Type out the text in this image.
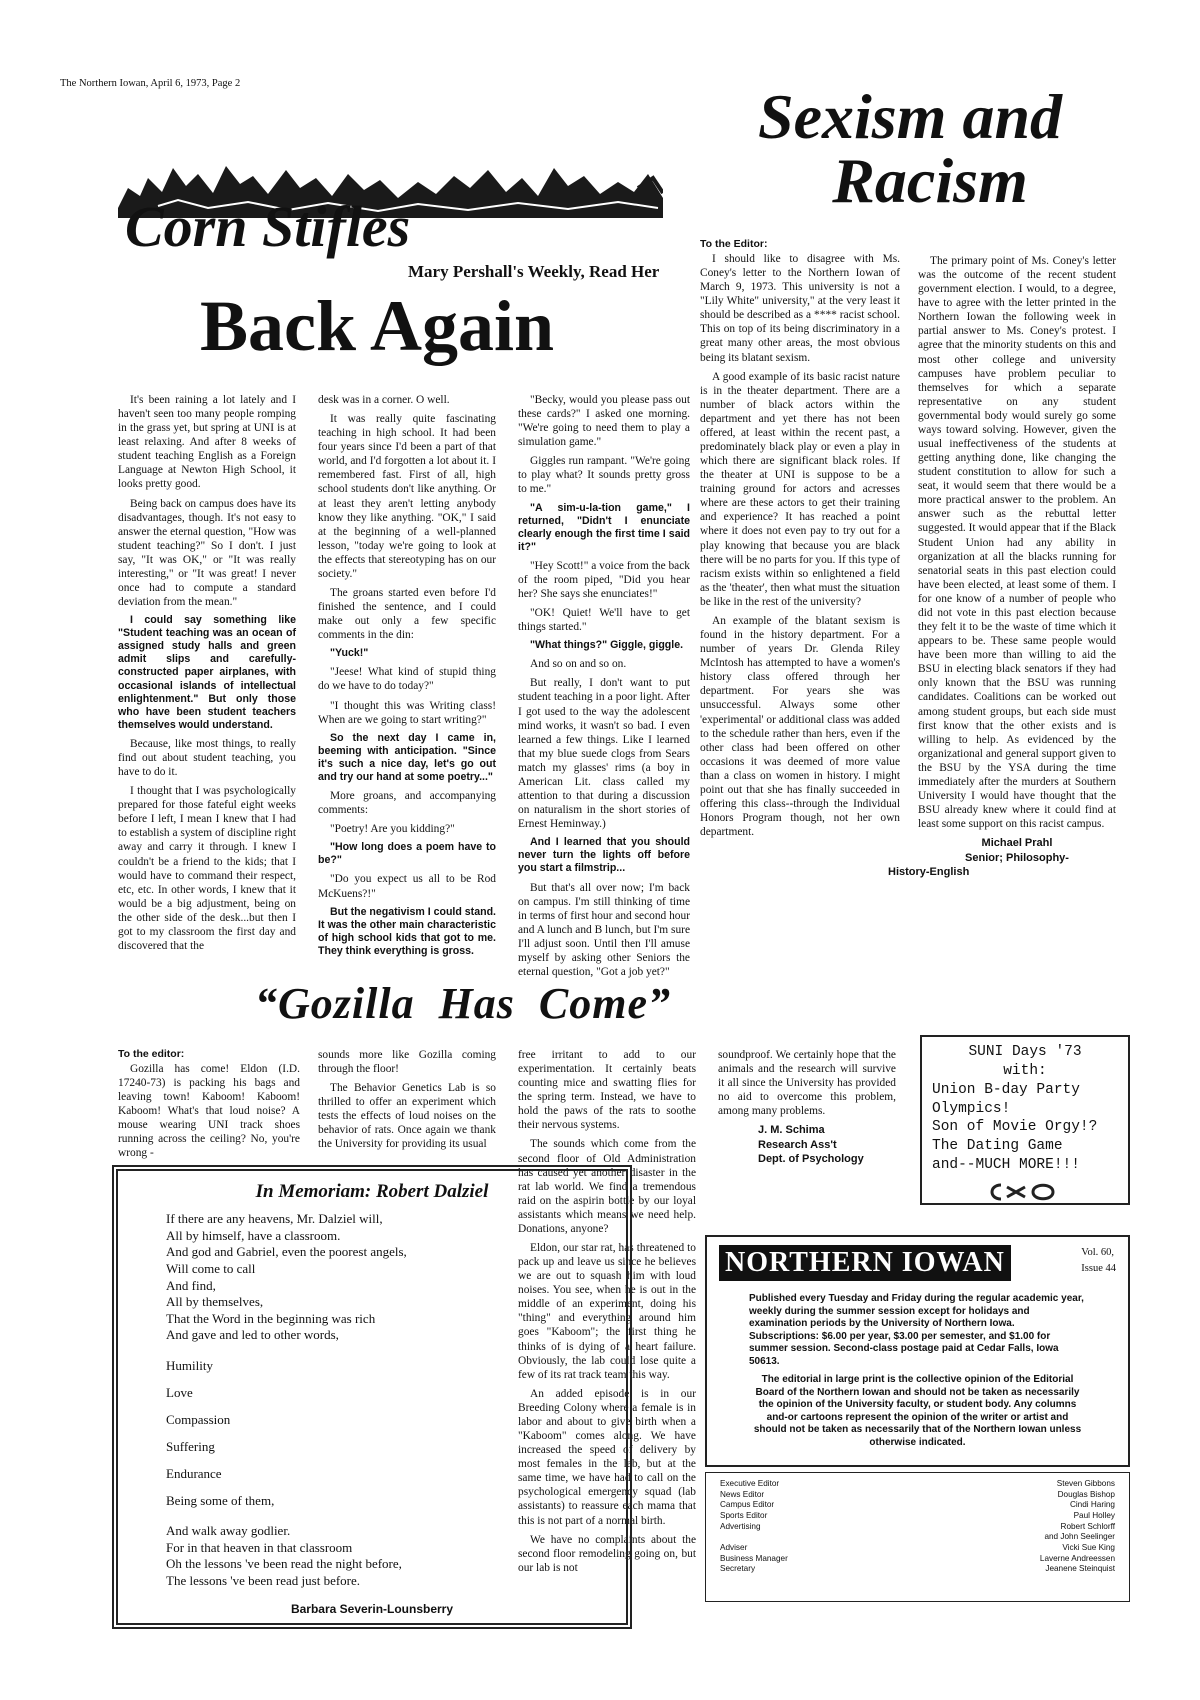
The Northern Iowan, April 6, 1973, Page 2	Sexism and
Racism
To the Editor:

I should like to disagree with Ms. Coney's letter to the Northern Iowan of March 9, 1973. This university is not a "Lily White" university," at the very least it should be described as a **** racist school. This on top of its being discriminatory in a great many other areas, the most obvious being its blatant sexism.

A good example of its basic racist nature is in the theater department. There are a number of black actors within the department and yet there has not been offered, at least within the recent past, a predominately black play or even a play in which there are significant black roles. If the theater at UNI is suppose to be a training ground for actors and acresses where are these actors to get their training and experience? It has reached a point where it does not even pay to try out for a play knowing that because you are black there will be no parts for you. If this type of racism exists within so enlightened a field as the 'theater', then what must the situation be like in the rest of the university?

An example of the blatant sexism is found in the history department. For a number of years Dr. Glenda Riley McIntosh has attempted to have a women's history class offered through her department. For years she was unsuccessful. Always some other 'experimental' or additional class was added to the schedule rather than hers, even if the other class had been offered on other occasions it was deemed of more value than a class on women in history. I might point out that she has finally succeeded in offering this class--through the Individual Honors Program though, not her own department.

The primary point of Ms. Coney's letter was the outcome of the recent student government election. I would, to a degree, have to agree with the letter printed in the Northern Iowan the following week in partial answer to Ms. Coney's protest. I agree that the minority students on this and most other college and university campuses have problem peculiar to themselves for which a separate representative on any student governmental body would surely go some ways toward solving. However, given the usual ineffectiveness of the students at getting anything done, like changing the student constitution to allow for such a seat, it would seem that there would be a more practical answer to the problem. An answer such as the rebuttal letter suggested. It would appear that if the Black Student Union had any ability in organization at all the blacks running for senatorial seats in this past election could have been elected, at least some of them. I for one know of a number of people who did not vote in this past election because they felt it to be the waste of time which it appears to be. These same people would have been more than willing to aid the BSU in electing black senators if they had only known that the BSU was running candidates. Coalitions can be worked out among student groups, but each side must first know that the other exists and is willing to help. As evidenced by the organizational and general support given to the BSU by the YSA during the time immediately after the murders at Southern University I would have thought that the BSU already knew where it could find at least some support on this racist campus.

Michael Prahl
Senior; Philosophy-
History-English
Corn Stifles
Mary Pershall's Weekly, Read Her
Back Again

It's been raining a lot lately and I haven't seen too many people romping in the grass yet, but spring at UNI is at least relaxing. And after 8 weeks of student teaching English as a Foreign Language at Newton High School, it looks pretty good.

Being back on campus does have its disadvantages, though. It's not easy to answer the eternal question, "How was student teaching?" So I don't. I just say, "It was OK," or "It was really interesting," or "It was great! I never once had to compute a standard deviation from the mean."

I could say something like "Student teaching was an ocean of assigned study halls and green admit slips and carefully-constructed paper airplanes, with occasional islands of intellectual enlightenment." But only those who have been student teachers themselves would understand.

Because, like most things, to really find out about student teaching, you have to do it.

I thought that I was psychologically prepared for those fateful eight weeks before I left, I mean I knew that I had to establish a system of discipline right away and carry it through. I knew I couldn't be a friend to the kids; that I would have to command their respect, etc, etc. In other words, I knew that it would be a big adjustment, being on the other side of the desk...but then I got to my classroom the first day and discovered that the

desk was in a corner. O well.

It was really quite fascinating teaching in high school. It had been four years since I'd been a part of that world, and I'd forgotten a lot about it. I remembered fast. First of all, high school students don't like anything. Or at least they aren't letting anybody know they like anything. "OK," I said at the beginning of a well-planned lesson, "today we're going to look at the effects that stereotyping has on our society."

The groans started even before I'd finished the sentence, and I could make out only a few specific comments in the din:

"Yuck!"

"Jeese! What kind of stupid thing do we have to do today?"

"I thought this was Writing class! When are we going to start writing?"

So the next day I came in, beeming with anticipation. "Since it's such a nice day, let's go out and try our hand at some poetry..."

More groans, and accompanying comments:

"Poetry! Are you kidding?"

"How long does a poem have to be?"

"Do you expect us all to be Rod McKuens?!"

But the negativism I could stand. It was the other main characteristic of high school kids that got to me. They think everything is gross.

"Becky, would you please pass out these cards?" I asked one morning. "We're going to need them to play a simulation game."

Giggles run rampant. "We're going to play what? It sounds pretty gross to me."

"A sim-u-la-tion game," I returned, "Didn't I enunciate clearly enough the first time I said it?"

"Hey Scott!" a voice from the back of the room piped, "Did you hear her? She says she enunciates!"

"OK! Quiet! We'll have to get things started."

"What things?" Giggle, giggle.

And so on and so on.

But really, I don't want to put student teaching in a poor light. After I got used to the way the adolescent mind works, it wasn't so bad. I even learned a few things. Like I learned that my blue suede clogs from Sears match my glasses' rims (a boy in American Lit. class called my attention to that during a discussion on naturalism in the short stories of Ernest Heminway.)

And I learned that you should never turn the lights off before you start a filmstrip...

But that's all over now; I'm back on campus. I'm still thinking of time in terms of first hour and second hour and A lunch and B lunch, but I'm sure I'll adjust soon. Until then I'll amuse myself by asking other Seniors the eternal question, "Got a job yet?"

“Gozilla  Has  Come”
To the editor:

Gozilla has come! Eldon (I.D. 17240-73) is packing his bags and leaving town! Kaboom! Kaboom! Kaboom! What's that loud noise? A mouse wearing UNI track shoes running across the ceiling? No, you're wrong -

sounds more like Gozilla coming through the floor!

The Behavior Genetics Lab is so thrilled to offer an experiment which tests the effects of loud noises on the behavior of rats. Once again we thank the University for providing its usual

free irritant to add to our experimentation. It certainly beats counting mice and swatting flies for the spring term. Instead, we have to hold the paws of the rats to soothe their nervous systems.

The sounds which come from the second floor of Old Administration has caused yet another disaster in the rat lab world. We find a tremendous raid on the aspirin bottle by our loyal assistants which means we need help. Donations, anyone?

Eldon, our star rat, has threatened to pack up and leave us since he believes we are out to squash him with loud noises. You see, when he is out in the middle of an experiment, doing his "thing" and everything around him goes "Kaboom"; the first thing he thinks of is dying of a heart failure. Obviously, the lab could lose quite a few of its rat track team this way.

An added episode is in our Breeding Colony where a female is in labor and about to give birth when a "Kaboom" comes along. We have increased the speed of delivery by most females in the lab, but at the same time, we have had to call on the psychological emergency squad (lab assistants) to reassure each mama that this is not part of a normal birth.

We have no complaints about the second floor remodeling going on, but our lab is not

soundproof. We certainly hope that the animals and the research will survive it all since the University has provided no aid to overcome this problem, among many problems.

J. M. Schima
Research Ass't
Dept. of Psychology
In Memoriam: Robert Dalziel

If there are any heavens, Mr. Dalziel will,

All by himself, have a classroom.

And god and Gabriel, even the poorest angels,

Will come to call

And find,

All by themselves,

That the Word in the beginning was rich

And gave and led to other words,

Humility

Love

Compassion

Suffering

Endurance

Being some of them,

And walk away godlier.

For in that heaven in that classroom

Oh the lessons 've been read the night before,

The lessons 've been read just before.

Barbara Severin-Lounsberry
SUNI Days '73
with:
Union B-day Party
Olympics!
Son of Movie Orgy!?
The Dating Game
and--MUCH MORE!!!
NORTHERN IOWAN	Vol. 60,
Issue 44
Published every Tuesday and Friday during the regular academic year, weekly during the summer session except for holidays and examination periods by the University of Northern Iowa. Subscriptions: $6.00 per year, $3.00 per semester, and $1.00 for summer session. Second-class postage paid at Cedar Falls, Iowa 50613.
The editorial in large print is the collective opinion of the Editorial Board of the Northern Iowan and should not be taken as necessarily the opinion of the University faculty, or student body. Any columns and-or cartoons represent the opinion of the writer or artist and should not be taken as necessarily that of the Northern Iowan unless otherwise indicated.
Executive Editor	Steven Gibbons
News Editor	Douglas Bishop
Campus Editor	Cindi Haring
Sports Editor	Paul Holley
Advertising	Robert Schlorff
and John Seelinger
Adviser	Vicki Sue King
Business Manager	Laverne Andreessen
Secretary	Jeanene Steinquist
